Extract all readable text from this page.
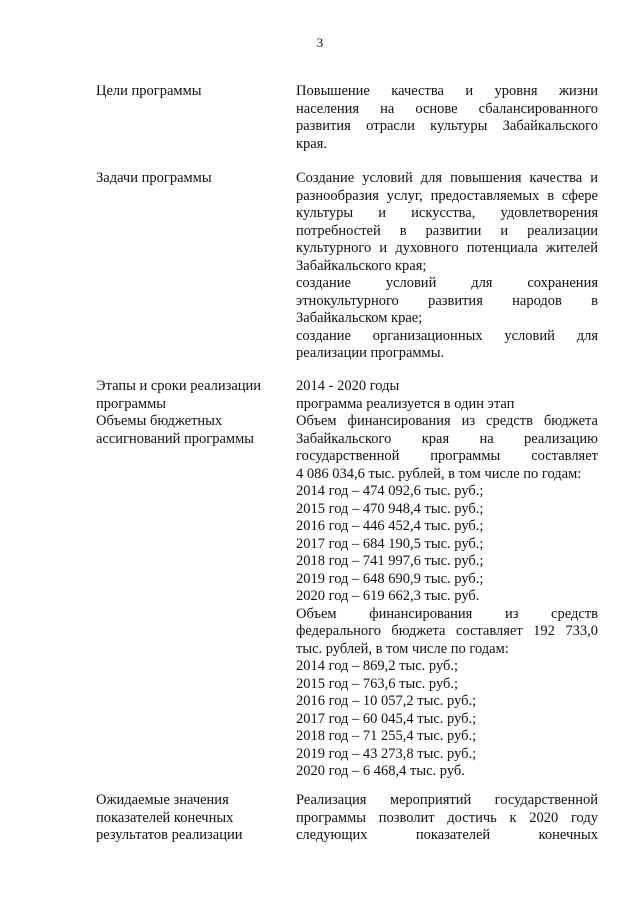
3
Цели программы	Повышение качества и уровня жизни
населения на основе сбалансированного
развития отрасли культуры Забайкальского
края.
Задачи программы	Создание условий для повышения качества и
разнообразия услуг, предоставляемых в сфере
культуры и искусства, удовлетворения
потребностей в развитии и реализации
культурного и духовного потенциала жителей
Забайкальского края;
создание условий для сохранения
этнокультурного развития народов в
Забайкальском крае;
создание организационных условий для
реализации программы.
Этапы и сроки реализации
программы
2014 - 2020 годы
программа реализуется в один этап
Объемы бюджетных
ассигнований программы
Объем финансирования из средств бюджета
Забайкальского края на реализацию
государственной программы составляет
4 086 034,6 тыс. рублей, в том числе по годам:
2014 год – 474 092,6 тыс. руб.;
2015 год – 470 948,4 тыс. руб.;
2016 год – 446 452,4 тыс. руб.;
2017 год – 684 190,5 тыс. руб.;
2018 год – 741 997,6 тыс. руб.;
2019 год – 648 690,9 тыс. руб.;
2020 год – 619 662,3 тыс. руб.
Объем финансирования из средств
федерального бюджета составляет 192 733,0
тыс. рублей, в том числе по годам:
2014 год – 869,2 тыс. руб.;
2015 год – 763,6 тыс. руб.;
2016 год – 10 057,2 тыс. руб.;
2017 год – 60 045,4 тыс. руб.;
2018 год – 71 255,4 тыс. руб.;
2019 год – 43 273,8 тыс. руб.;
2020 год – 6 468,4 тыс. руб.
Ожидаемые значения
показателей конечных
результатов реализации
Реализация мероприятий государственной
программы позволит достичь к 2020 году
следующих показателей конечных
